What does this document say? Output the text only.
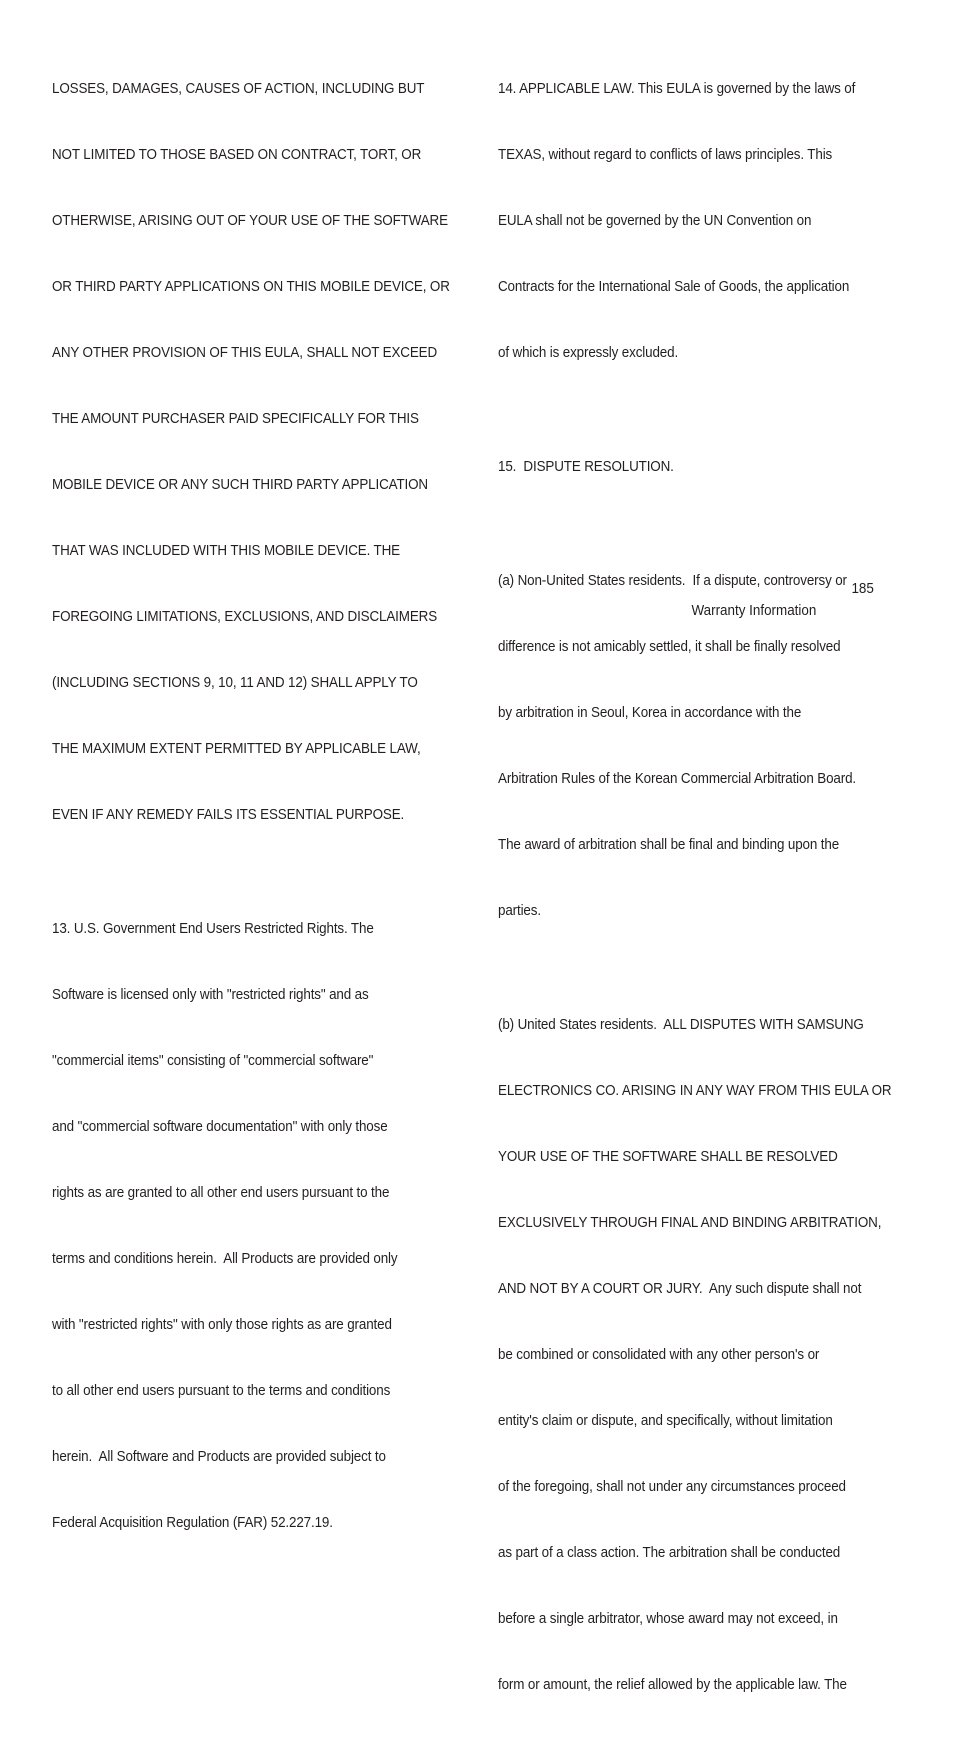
LOSSES, DAMAGES, CAUSES OF ACTION, INCLUDING BUT

NOT LIMITED TO THOSE BASED ON CONTRACT, TORT, OR

OTHERWISE, ARISING OUT OF YOUR USE OF THE SOFTWARE

OR THIRD PARTY APPLICATIONS ON THIS MOBILE DEVICE, OR

ANY OTHER PROVISION OF THIS EULA, SHALL NOT EXCEED

THE AMOUNT PURCHASER PAID SPECIFICALLY FOR THIS

MOBILE DEVICE OR ANY SUCH THIRD PARTY APPLICATION

THAT WAS INCLUDED WITH THIS MOBILE DEVICE. THE

FOREGOING LIMITATIONS, EXCLUSIONS, AND DISCLAIMERS

(INCLUDING SECTIONS 9, 10, 11 AND 12) SHALL APPLY TO

THE MAXIMUM EXTENT PERMITTED BY APPLICABLE LAW,

EVEN IF ANY REMEDY FAILS ITS ESSENTIAL PURPOSE.

13. U.S. Government End Users Restricted Rights. The

Software is licensed only with "restricted rights" and as

"commercial items" consisting of "commercial software"

and "commercial software documentation" with only those

rights as are granted to all other end users pursuant to the

terms and conditions herein.  All Products are provided only

with "restricted rights" with only those rights as are granted

to all other end users pursuant to the terms and conditions

herein.  All Software and Products are provided subject to

Federal Acquisition Regulation (FAR) 52.227.19.

14. APPLICABLE LAW. This EULA is governed by the laws of

TEXAS, without regard to conflicts of laws principles. This

EULA shall not be governed by the UN Convention on

Contracts for the International Sale of Goods, the application

of which is expressly excluded.

15.  DISPUTE RESOLUTION.

(a) Non-United States residents.  If a dispute, controversy or

difference is not amicably settled, it shall be finally resolved

by arbitration in Seoul, Korea in accordance with the

Arbitration Rules of the Korean Commercial Arbitration Board.

The award of arbitration shall be final and binding upon the

parties.

(b) United States residents.  ALL DISPUTES WITH SAMSUNG

ELECTRONICS CO. ARISING IN ANY WAY FROM THIS EULA OR

YOUR USE OF THE SOFTWARE SHALL BE RESOLVED

EXCLUSIVELY THROUGH FINAL AND BINDING ARBITRATION,

AND NOT BY A COURT OR JURY.  Any such dispute shall not

be combined or consolidated with any other person's or

entity's claim or dispute, and specifically, without limitation

of the foregoing, shall not under any circumstances proceed

as part of a class action. The arbitration shall be conducted

before a single arbitrator, whose award may not exceed, in

form or amount, the relief allowed by the applicable law. The

Warranty Information

185
